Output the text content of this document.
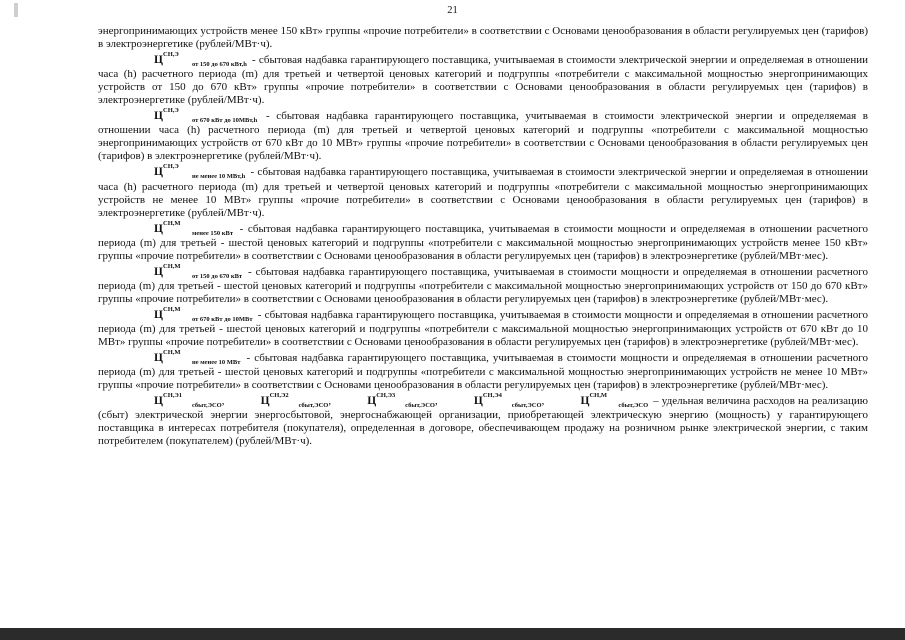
21

энергопринимающих устройств менее 150 кВт» группы «прочие потребители» в соответствии с Основами ценообразования в области регулируемых цен (тарифов) в электроэнергетике (рублей/МВт·ч).

Ц СН,Э
от 150 до 670 кВт,h - сбытовая надбавка гарантирующего поставщика, учитываемая в стоимости электрической энергии и определяемая в отношении часа (h) расчетного периода (m) для третьей и четвертой ценовых категорий и подгруппы «потребители с максимальной мощностью энергопринимающих устройств от 150 до 670 кВт» группы «прочие потребители» в соответствии с Основами ценообразования в области регулируемых цен (тарифов) в электроэнергетике (рублей/МВт·ч).

Ц СН,Э
от 670 кВт до 10МВт,h - сбытовая надбавка гарантирующего поставщика, учитываемая в стоимости электрической энергии и определяемая в отношении часа (h) расчетного периода (m) для третьей и четвертой ценовых категорий и подгруппы «потребители с максимальной мощностью энергопринимающих устройств от 670 кВт до 10 МВт» группы «прочие потребители» в соответствии с Основами ценообразования в области регулируемых цен (тарифов) в электроэнергетике (рублей/МВт·ч).

Ц СН,Э
не менее 10 МВт,h - сбытовая надбавка гарантирующего поставщика, учитываемая в стоимости электрической энергии и определяемая в отношении часа (h) расчетного периода (m) для третьей и четвертой ценовых категорий и подгруппы «потребители с максимальной мощностью энергопринимающих устройств не менее 10 МВт» группы «прочие потребители» в соответствии с Основами ценообразования в области регулируемых цен (тарифов) в электроэнергетике (рублей/МВт·ч).

Ц СН,М
менее 150 кВт - сбытовая надбавка гарантирующего поставщика, учитываемая в стоимости мощности и определяемая в отношении расчетного периода (m) для третьей - шестой ценовых категорий и подгруппы «потребители с максимальной мощностью энергопринимающих устройств менее 150 кВт» группы «прочие потребители» в соответствии с Основами ценообразования в области регулируемых цен (тарифов) в электроэнергетике (рублей/МВт·мес).

Ц СН,М
от 150 до 670 кВт - сбытовая надбавка гарантирующего поставщика, учитываемая в стоимости мощности и определяемая в отношении расчетного периода (m) для третьей - шестой ценовых категорий и подгруппы «потребители с максимальной мощностью энергопринимающих устройств от 150 до 670 кВт» группы «прочие потребители» в соответствии с Основами ценообразования в области регулируемых цен (тарифов) в электроэнергетике (рублей/МВт·мес).

Ц СН,М
от 670 кВт до 10МВт - сбытовая надбавка гарантирующего поставщика, учитываемая в стоимости мощности и определяемая в отношении расчетного периода (m) для третьей - шестой ценовых категорий и подгруппы «потребители с максимальной мощностью энергопринимающих устройств от 670 кВт до 10 МВт» группы «прочие потребители» в соответствии с Основами ценообразования в области регулируемых цен (тарифов) в электроэнергетике (рублей/МВт·мес).

Ц СН,М
не менее 10 МВт - сбытовая надбавка гарантирующего поставщика, учитываемая в стоимости мощности и определяемая в отношении расчетного периода (m) для третьей - шестой ценовых категорий и подгруппы «потребители с максимальной мощностью энергопринимающих устройств не менее 10 МВт» группы «прочие потребители» в соответствии с Основами ценообразования в области регулируемых цен (тарифов) в электроэнергетике (рублей/МВт·мес).

Ц СН,Э1
сбыт,ЭСО,	Ц СН,Э2
сбыт,ЭСО,	Ц СН,Э3
сбыт,ЭСО,	Ц СН,Э4
сбыт,ЭСО,	Ц СН,М
сбыт,ЭСО – удельная величина расходов на реализацию (сбыт) электрической энергии энергосбытовой, энергоснабжающей организации, приобретающей электрическую энергию (мощность) у гарантирующего поставщика в интересах потребителя (покупателя), определенная в договоре, обеспечивающем продажу на розничном рынке электрической энергии, с таким потребителем (покупателем) (рублей/МВт·ч).
